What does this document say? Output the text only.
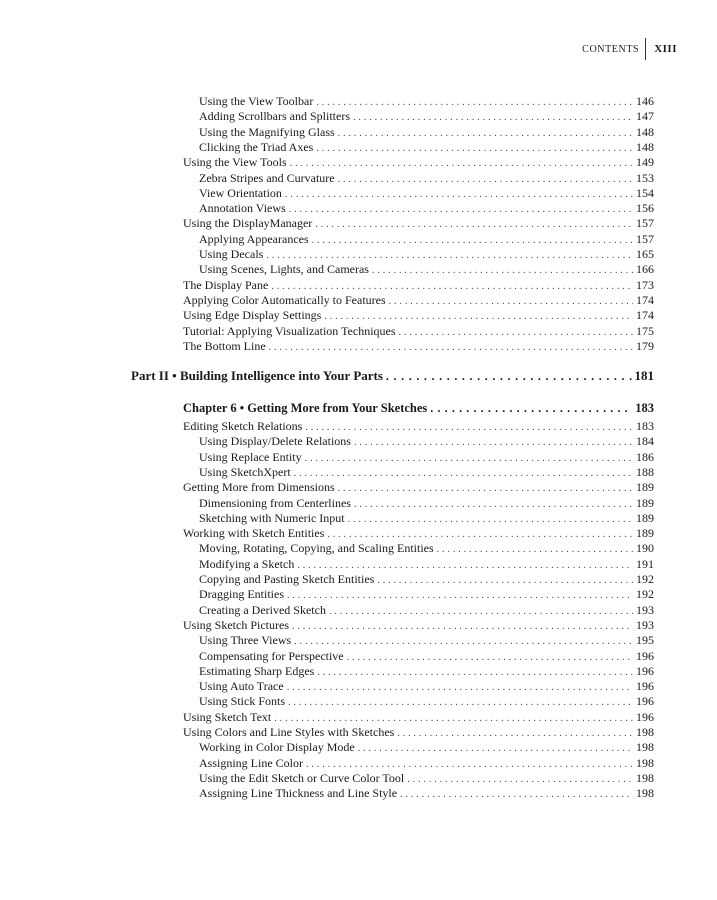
CONTENTS	XIII
Using the View Toolbar . . .	146
Adding Scrollbars and Splitters . . .	147
Using the Magnifying Glass . . .	148
Clicking the Triad Axes . . .	148
Using the View Tools . . .	149
Zebra Stripes and Curvature . . .	153
View Orientation . . .	154
Annotation Views . . .	156
Using the DisplayManager . . .	157
Applying Appearances . . .	157
Using Decals . . .	165
Using Scenes, Lights, and Cameras . . .	166
The Display Pane . . .	173
Applying Color Automatically to Features . . .	174
Using Edge Display Settings . . .	174
Tutorial: Applying Visualization Techniques . . .	175
The Bottom Line . . .	179
Part II • Building Intelligence into Your Parts . . .	181
Chapter 6 • Getting More from Your Sketches . . .	183
Editing Sketch Relations . . .	183
Using Display/Delete Relations . . .	184
Using Replace Entity . . .	186
Using SketchXpert . . .	188
Getting More from Dimensions . . .	189
Dimensioning from Centerlines . . .	189
Sketching with Numeric Input . . .	189
Working with Sketch Entities . . .	189
Moving, Rotating, Copying, and Scaling Entities . . .	190
Modifying a Sketch . . .	191
Copying and Pasting Sketch Entities . . .	192
Dragging Entities . . .	192
Creating a Derived Sketch . . .	193
Using Sketch Pictures . . .	193
Using Three Views . . .	195
Compensating for Perspective . . .	196
Estimating Sharp Edges . . .	196
Using Auto Trace . . .	196
Using Stick Fonts . . .	196
Using Sketch Text . . .	196
Using Colors and Line Styles with Sketches . . .	198
Working in Color Display Mode . . .	198
Assigning Line Color . . .	198
Using the Edit Sketch or Curve Color Tool . . .	198
Assigning Line Thickness and Line Style . . .	198
